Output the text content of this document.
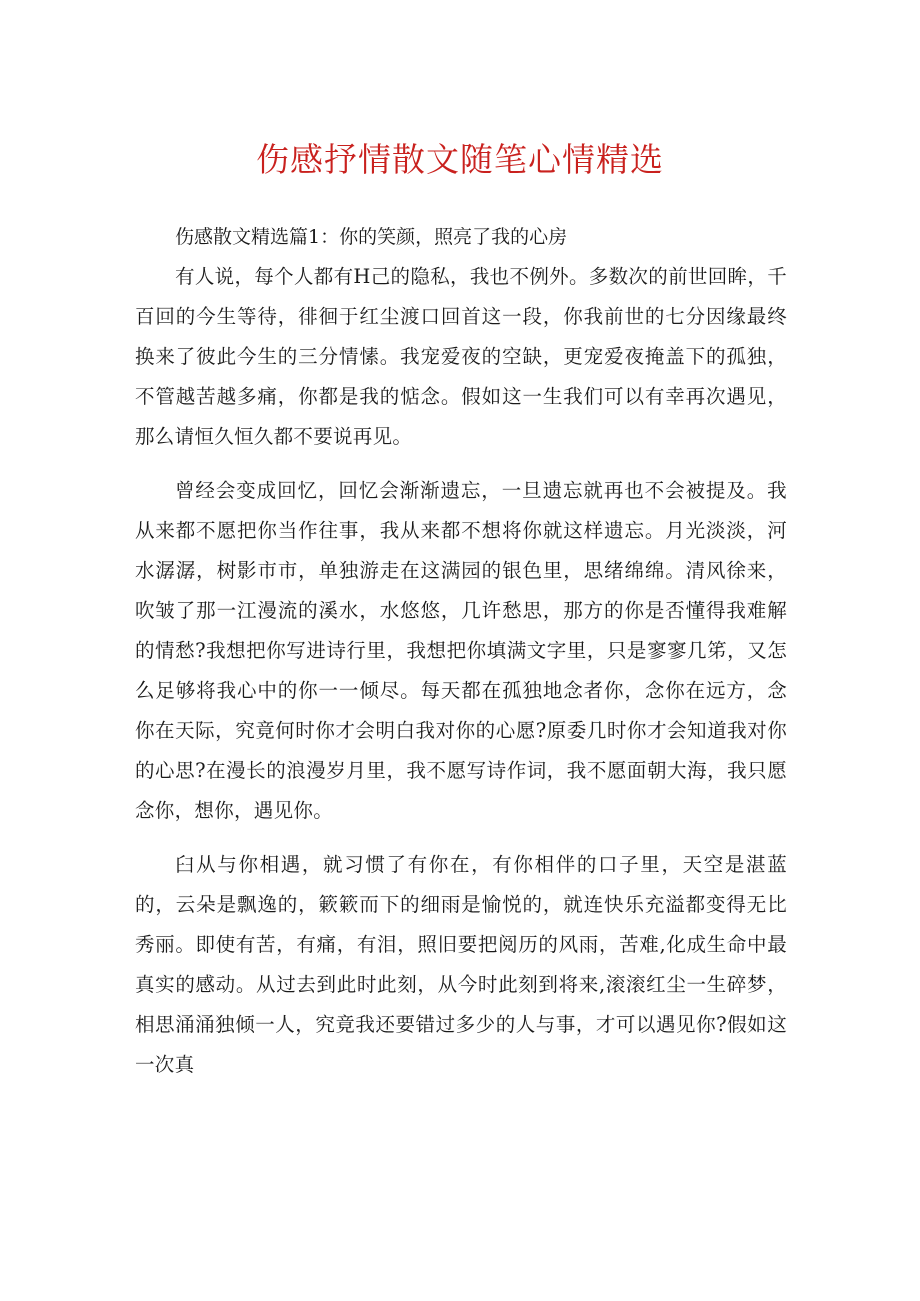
伤感抒情散文随笔心情精选

伤感散文精选篇1：你的笑颜，照亮了我的心房

有人说，每个人都有H己的隐私，我也不例外。多数次的前世回眸，千百回的今生等待，徘徊于红尘渡口回首这一段，你我前世的七分因缘最终换来了彼此今生的三分情愫。我宠爱夜的空缺，更宠爱夜掩盖下的孤独，不管越苦越多痛，你都是我的惦念。假如这一生我们可以有幸再次遇见，那么请恒久恒久都不要说再见。

曾经会变成回忆，回忆会渐渐遗忘，一旦遗忘就再也不会被提及。我从来都不愿把你当作往事，我从来都不想将你就这样遗忘。月光淡淡，河水潺潺，树影市市，单独游走在这满园的银色里，思绪绵绵。清风徐来，吹皱了那一江漫流的溪水，水悠悠，几许愁思，那方的你是否懂得我难解的情愁?我想把你写进诗行里，我想把你填满文字里，只是寥寥几笫，又怎么足够将我心中的你一一倾尽。每天都在孤独地念者你，念你在远方，念你在天际，究竟何时你才会明白我对你的心愿?原委几时你才会知道我对你的心思?在漫长的浪漫岁月里，我不愿写诗作词，我不愿面朝大海，我只愿念你，想你，遇见你。

臼从与你相遇，就习惯了有你在，有你相伴的口子里，天空是湛蓝的，云朵是飘逸的，簌簌而下的细雨是愉悦的，就连快乐充溢都变得无比秀丽。即使有苦，有痛，有泪，照旧要把阅历的风雨，苦难,化成生命中最真实的感动。从过去到此时此刻，从今时此刻到将来,滚滚红尘一生碎梦，相思涌涌独倾一人，究竟我还要错过多少的人与事，才可以遇见你?假如这一次真
